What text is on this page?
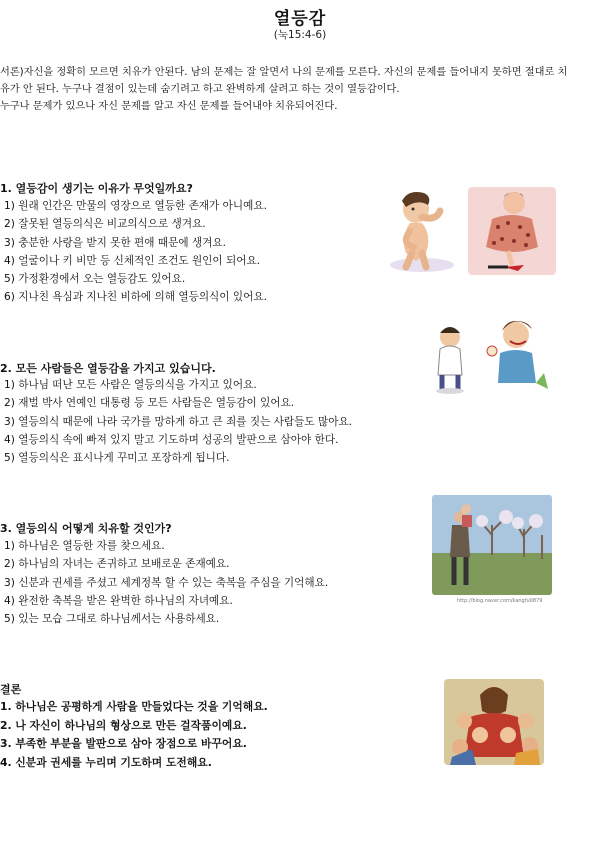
열등감
(눅15:4-6)

서론)자신을 정확히 모르면 치유가 안된다. 남의 문제는 잘 알면서 나의 문제를 모른다. 자신의 문제를 들어내지 못하면 절대로 치유가 안 된다. 누구나 결점이 있는데 숨기려고 하고 완벽하게 살려고 하는 것이 열등감이다.

누구나 문제가 있으나 자신 문제를 알고 자신 문제를 들어내야 치유되어진다.

1. 열등감이 생기는 이유가 무엇일까요?
1) 원래 인간은 만물의 영장으로 열등한 존재가 아니예요.
2) 잘못된 열등의식은 비교의식으로 생겨요.
3) 충분한 사랑을 받지 못한 편애 때문에 생겨요.
4) 얼굴이나 키 비만 등 신체적인 조건도 원인이 되어요.
5) 가정환경에서 오는 열등감도 있어요.
6) 지나친 욕심과 지나친 비하에 의해 열등의식이 있어요.
2. 모든 사람들은 열등감을 가지고 있습니다.
1) 하나님 떠난 모든 사람은 열등의식을 가지고 있어요.
2) 재벌 박사 연예인 대통령 등 모든 사람들은 열등감이 있어요.
3) 열등의식 때문에 나라 국가를 망하게 하고 큰 죄를 짓는 사람들도 많아요.
4) 열등의식 속에 빠져 있지 말고 기도하며 성공의 발판으로 삼아야 한다.
5) 열등의식은 표시나게 꾸미고 포장하게 됩니다.
3. 열등의식 어떻게 치유할 것인가?
1) 하나님은 열등한 자를 찾으세요.
2) 하나님의 자녀는 존귀하고 보배로운 존재예요.
3) 신분과 권세를 주셨고 세계정복 할 수 있는 축복을 주심을 기억해요.
4) 완전한 축복을 받은 완벽한 하나님의 자녀예요.
5) 있는 모습 그대로 하나님께서는 사용하세요.
결론
1. 하나님은 공평하게 사람을 만들었다는 것을 기억해요.
2. 나 자신이 하나님의 형상으로 만든 걸작품이예요.
3. 부족한 부분을 발판으로 삼아 장점으로 바꾸어요.
4. 신분과 권세를 누리며 기도하며 도전해요.
http://blog.naver.com/kangfu0879
